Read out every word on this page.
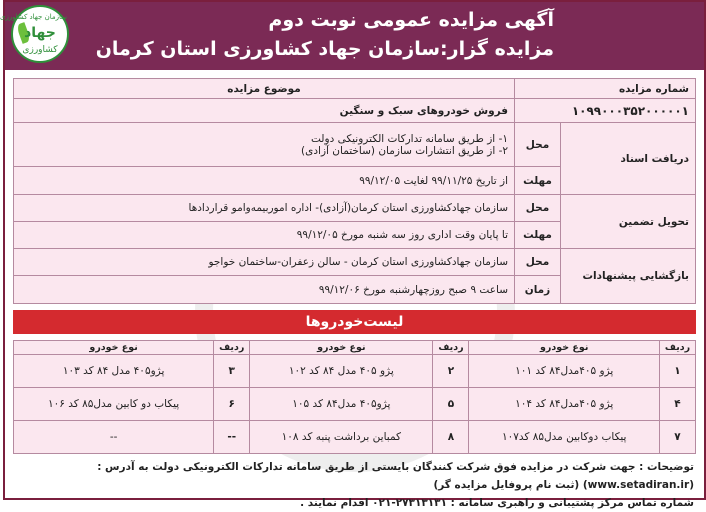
آگهی مزایده عمومی نوبت دوم
مزایده گزار:سازمان جهاد کشاورزی استان کرمان
سازمان جهاد کشاورزی
جهاد
کشاورزی
شماره مزایده		موضوع مزایده
۱۰۹۹۰۰۰۳۵۲۰۰۰۰۰۱		فروش خودروهای سبک و سنگین
دریافت اسناد	محل	۱- از طریق سامانه تدارکات الکترونیکی دولت
۲- از طریق انتشارات سازمان (ساختمان آزادی)

	مهلت	از تاریخ ۹۹/۱۱/۲۵ لغایت ۹۹/۱۲/۰۵
تحویل تضمین	محل	سازمان جهادکشاورزی استان کرمان(آزادی)- اداره اموربیمه‌وامو قراردادها
	مهلت	تا پایان وقت اداری روز سه شنبه مورخ ۹۹/۱۲/۰۵
بازگشایی پیشنهادات	محل	سازمان جهادکشاورزی استان کرمان - سالن زعفران-ساختمان خواجو
	زمان	ساعت ۹ صبح روزچهارشنبه مورخ ۹۹/۱۲/۰۶
لیست‌خودروها
ردیف	نوع خودرو	ردیف	نوع خودرو	ردیف	نوع خودرو
۱	پژو ۴۰۵مدل۸۴ کد ۱۰۱	۲	پژو ۴۰۵ مدل ۸۴ کد ۱۰۲	۳	پژو۴۰۵ مدل ۸۴ کد ۱۰۳
۴	پژو ۴۰۵مدل۸۴ کد ۱۰۴	۵	پژو۴۰۵ مدل۸۴ کد ۱۰۵	۶	پیکاب دو کابین مدل۸۵ کد ۱۰۶
۷	پیکاب دوکابین مدل۸۵ کد۱۰۷	۸	کمباین برداشت پنبه کد ۱۰۸	--	--
توضیحات : جهت شرکت در مزایده فوق شرکت کنندگان بایستی از طریق سامانه تدارکات الکترونیکی دولت به آدرس :(www.setadiran.ir) (ثبت نام پروفایل مزایده گر)
شماره تماس مرکز پشتیبانی و راهبری سامانه : ۲۷۳۱۳۱۳۱-۰۲۱ اقدام نمایند .
